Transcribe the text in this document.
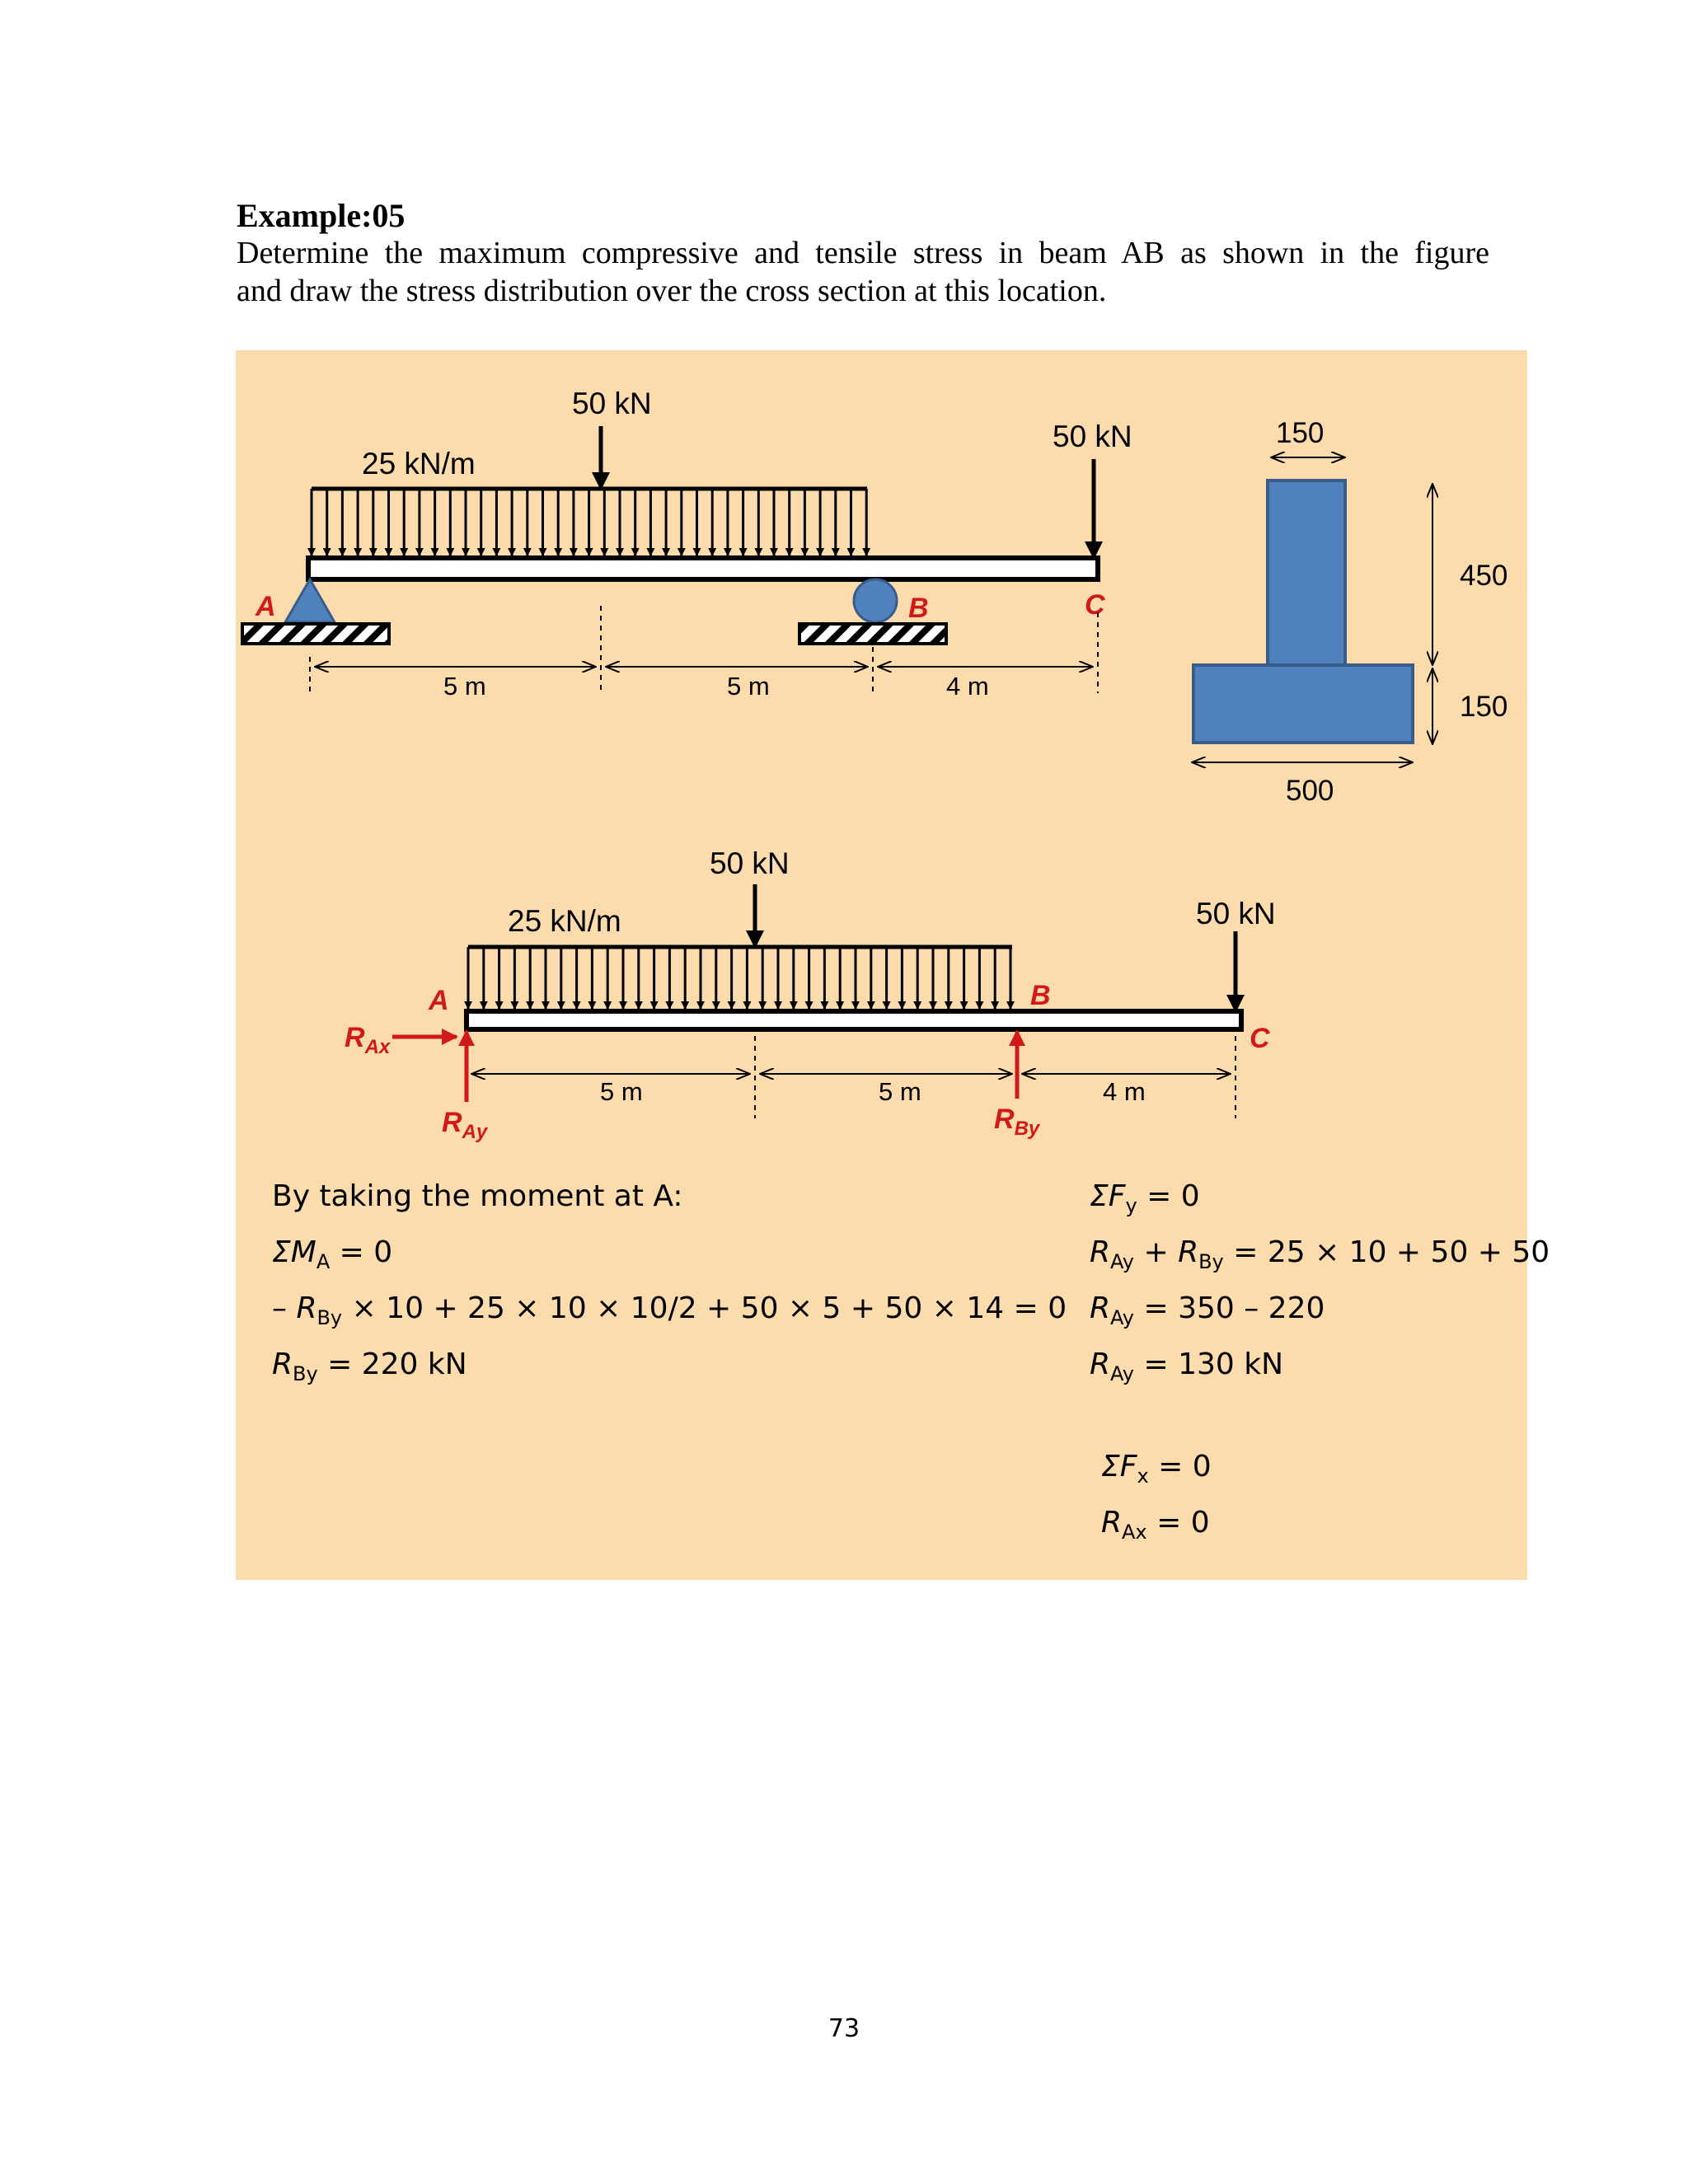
Example:05
Determine the maximum compressive and tensile stress in beam AB as shown in the figure
and draw the stress distribution over the cross section at this location.
25 kN/m
50 kN
50 kN
A	B	C
5 m	5 m	4 m
150
450
150
500
25 kN/m
50 kN
50 kN
A	B
C
$R_{Ax}$
$R_{Ay}$	$R_{By}$
5 m	5 m	4 m
By taking the moment at A:
$\Sigma M_A = 0$
– $R_{By} \times 10 + 25 \times 10 \times 10/2 + 50 \times 5 + 50 \times 14 = 0$
$R_{By} = 220$ kN
$\Sigma F_y = 0$
$R_{Ay} + R_{By} = 25 \times 10 + 50 + 50$
$R_{Ay} = 350 - 220$
$R_{Ay} = 130$ kN
$\Sigma F_x = 0$
$R_{Ax} = 0$
73
